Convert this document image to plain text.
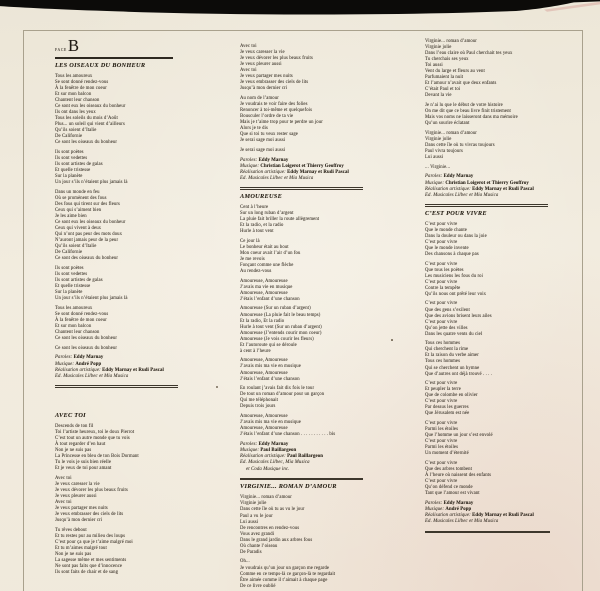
FACEB
LES OISEAUX DU BONHEUR

Tous les amoureux
Se sont donné rendez-vous
À la fenêtre de mon coeur
Et sur mon balcon
Chantent leur chanson
Ce sont eux les oiseaux du bonheur
Ils ont dans les yeux
Tous les soleils du mois d’Août
Plus... un soleil qui vient d’ailleurs
Qu’ils soient d’Italie
De Californie
Ce sont les oiseaux du bonheur

Ils sont poètes
Ils sont vedettes
Ils sont artistes de galas
Et quelle tristesse
Sur la planète
Un jour s’ils n’étaient plus jamais là

Dans un monde en feu
Où se promènent des fous
Des fous qui tirent sur des fleurs
Ceux qui s’aiment bien
Je les aime bien
Ce sont eux les oiseaux du bonheur
Ceux qui vivent à deux
Qui n’ont pas peur des mots doux
N’auront jamais peur de la peur
Qu’ils soient d’Italie
De Californie
Ce sont des oiseaux du bonheur

Ils sont poètes
Ils sont vedettes
Ils sont artistes de galas
Et quelle tristesse
Sur la planète
Un jour s’ils n’étaient plus jamais là

Tous les amoureux
Se sont donné rendez-vous
À la fenêtre de mon coeur
Et sur mon balcon
Chantent leur chanson
Ce sont les oiseaux du bonheur

Ce sont les oiseaux du bonheur

Paroles: Eddy Marnay
Musique: André Popp
Réalisation artistique: Eddy Marnay et Rudi Pascal
Ed. Musicales Lilbec et Mia Musica

AVEC TOI

Descends de ton fil
Toi l’artiste heureux, toi le doux Pierrot
C’est tout un autre monde que tu vois
À tout regarder d’en haut
Non je ne suis pas
La Princesse en bleu de ton Bois Dormant
Tu le vois je suis bien réelle
Et je veux de toi pour amant

Avec toi
Je veux caresser la vie
Je veux dévorer les plus beaux fruits
Je veux pleurer aussi
Avec toi
Je veux partager mes nuits
Je veux embrasser des ciels de lits
Jusqu’à mon dernier cri

Tu rêves debout
Et tu restes pur au milieu des loups
C’est pour ça que je t’aime malgré moi
Et tu m’aimes malgré tout
Non je ne suis pas
La sagesse même et mes sentiments
Ne sont pas faits que d’innocence
Ils sont faits de chair et de sang

Avec toi
Je veux caresser la vie
Je veux dévorer les plus beaux fruits
Je veux pleurer aussi
Avec toi
Je veux partager mes nuits
Je veux embrasser des ciels de lits
Jusqu’à mon dernier cri

Au nom de l’amour
Je voudrais te voir faire des folies
Renoncer à toi-même et quelquefois
Bousculer l’ordre de ta vie
Mais je t’aime trop pour te perdre un jour
Alors je te dis
Que si toi tu veux rester sage
Je serai sage moi aussi

Je serai sage moi aussi

Paroles: Eddy Marnay
Musique: Christian Loigerot et Thierry Geoffroy
Réalisation artistique: Eddy Marnay et Rudi Pascal
Ed. Musicales Lilbec et Mia Musica

AMOUREUSE

Cent à l’heure
Sur un long ruban d’argent
La pluie fait briller la route allègrement
Et la radio, et la radio
Hurle à tout vent

Ce jour là
Le bonheur était au bout
Mon coeur avait l’air d’un fou
Je me revois
Fonçant comme une flèche
Au rendez-vous

Amoureuse, Amoureuse
J’avais ma vie en musique
Amoureuse, Amoureuse
J’étais l’enfant d’une chanson

Amoureuse (Sur un ruban d’argent)
Amoureuse (La pluie fait le beau temps)
Et la radio, Et la radio
Hurle à tout vent (Sur un ruban d’argent)
Amoureuse (J’entends courir mon coeur)
Amoureuse (Je vois courir les fleurs)
Et l’autoroute qui se déroule
à cent à l’heure

Amoureuse, Amoureuse
J’avais mis ma vie en musique
Amoureuse, Amoureuse
J’étais l’enfant d’une chanson

En roulant j’avais fait dix fois le tour
De tout un roman d’amour pour un garçon
Qui me téléphonait
Depuis trois jours

Amoureuse, Amoureuse
J’avais mis ma vie en musique
Amoureuse, Amoureuse
J’étais l’enfant d’une chanson . . . . . . . . . . . bis

Paroles: Eddy Marnay
Musique: Paul Baillargeon
Réalisation artistique: Paul Baillargeon
Ed. Musicales Lilbec, Mia Musica
et Coda Musique inc.

VIRGINIE... ROMAN D’AMOUR

Virginie... roman d’amour
Virginie jolie
Dans cette île où tu as vu le jour
Paul a vu le jour
Lui aussi
De rencontres en rendez-vous
Vous avez grandi
Dans le grand jardin aux arbres fous
Où chante l’oiseau
De Paradis

Oh...
Je voudrais qu’un jour un garçon me regarde
Comme en ce temps-là ce garçon-là te regardait
Être aimée comme il t’aimait à chaque page
De ce livre oublié

Virginie... roman d’amour
Virginie jolie
Dans l’eau claire où Paul cherchait tes yeux
Tu cherchais ses yeux
Toi aussi
Vent du large et fleurs au vent
Parfumaient la nuit
Et l’amour n’avait que deux enfants
C’était Paul et toi
Devant la vie

Je n’ai lu que le début de votre histoire
On me dit que ce beau livre finit tristement
Mais vos noms ne laisseront dans ma mémoire
Qu’un sourire éclatant

Virginie... roman d’amour
Virginie jolie
Dans cette île où tu vivras toujours
Paul vivra toujours
Lui aussi

... Virginie...

Paroles: Eddy Marnay
Musique: Christian Loigerot et Thierry Geoffroy
Réalisation artistique: Eddy Marnay et Rudi Pascal
Ed. Musicales Lilbec et Mia Musica

C’EST POUR VIVRE

C’est pour vivre
Que le monde chante
Dans la douleur ou dans la joie
C’est pour vivre
Que le monde invente
Des chansons à chaque pas

C’est pour vivre
Que tous les poètes
Les musiciens les fous du roi
C’est pour vivre
Contre la tempête
Qu’ils nous ont prêté leur voix

C’est pour vivre
Que des gens s’exilent
Que des avions brisent leurs ailes
C’est pour vivre
Qu’on jette des villes
Dans les quatre vents du ciel

Tous ces hommes
Qui cherchent la rime
Et la raison du verbe aimer
Tous ces hommes
Qui se cherchent un hymne
Que d’autres ont déjà trouvé . . . .

C’est pour vivre
Et peupler la terre
Que de colombe en olivier
C’est pour vivre
Par dessus les guerres
Que Jérusalem est née

C’est pour vivre
Parmi les étoiles
Que l’homme un jour s’est envolé
C’est pour vivre
Parmi les étoiles
Un moment d’éternité

C’est pour vivre
Que des arbres tombent
À l’heure où naissent des enfants
C’est pour vivre
Qu’on défend ce monde
Tant que l’amour est vivant

Paroles: Eddy Marnay
Musique: André Popp
Réalisation artistique: Eddy Marnay et Rudi Pascal
Ed. Musicales Lilbec et Mia Musica
